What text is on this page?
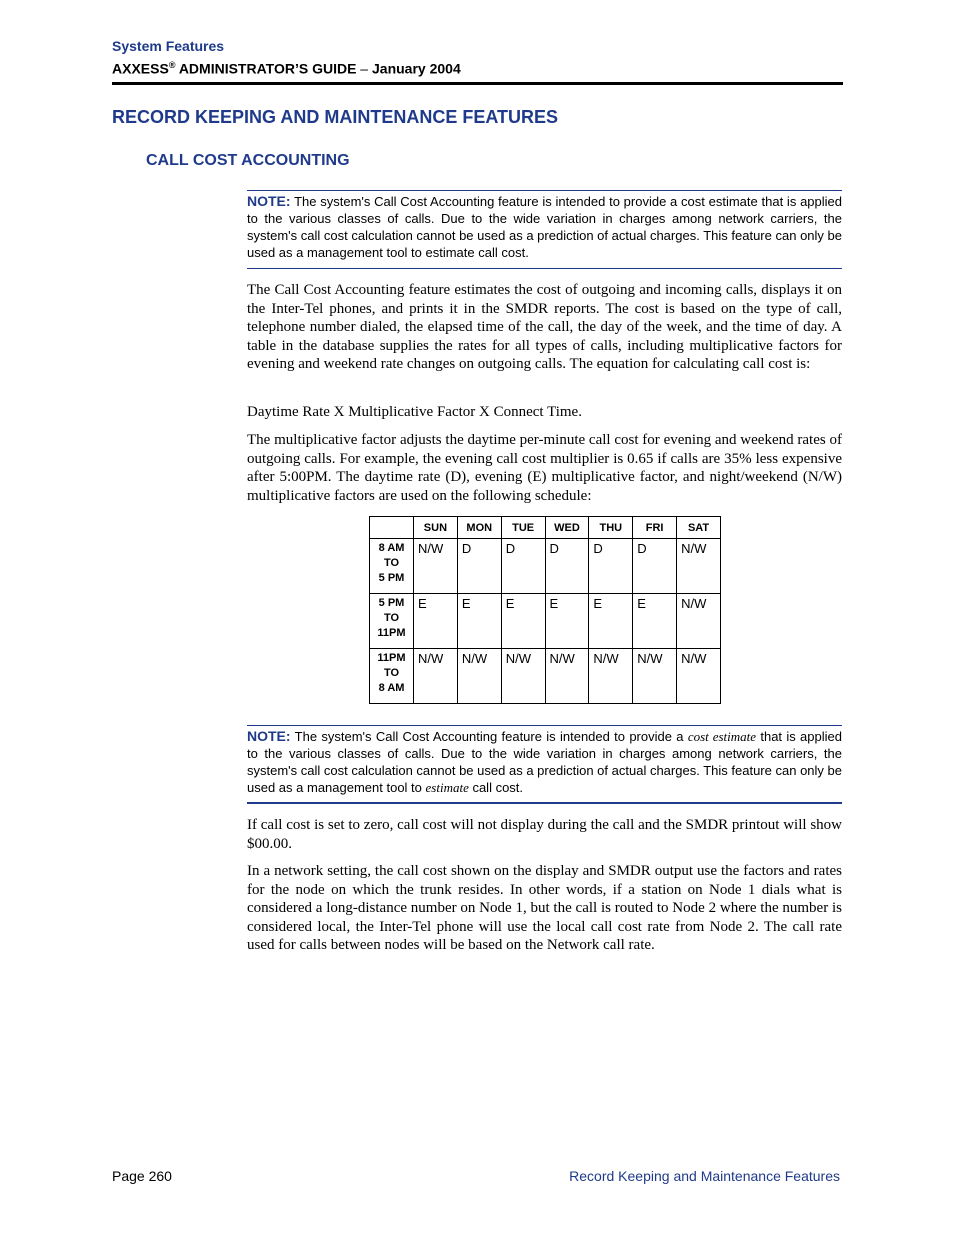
System Features
AXXESS® ADMINISTRATOR’S GUIDE – January 2004
RECORD KEEPING AND MAINTENANCE FEATURES
CALL COST ACCOUNTING
NOTE: The system's Call Cost Accounting feature is intended to provide a cost estimate that is applied to the various classes of calls. Due to the wide variation in charges among network carriers, the system's call cost calculation cannot be used as a prediction of actual charges. This feature can only be used as a management tool to estimate call cost.
The Call Cost Accounting feature estimates the cost of outgoing and incoming calls, displays it on the Inter-Tel phones, and prints it in the SMDR reports. The cost is based on the type of call, telephone number dialed, the elapsed time of the call, the day of the week, and the time of day. A table in the database supplies the rates for all types of calls, including multiplicative factors for evening and weekend rate changes on outgoing calls. The equation for calculating call cost is:
Daytime Rate X Multiplicative Factor X Connect Time.
The multiplicative factor adjusts the daytime per-minute call cost for evening and weekend rates of outgoing calls. For example, the evening call cost multiplier is 0.65 if calls are 35% less expensive after 5:00PM. The daytime rate (D), evening (E) multiplicative factor, and night/weekend (N/W) multiplicative factors are used on the following schedule:
	SUN	MON	TUE	WED	THU	FRI	SAT
8 AM
TO
5 PM	N/W	D	D	D	D	D	N/W
5 PM
TO
11PM	E	E	E	E	E	E	N/W
11PM
TO
8 AM	N/W	N/W	N/W	N/W	N/W	N/W	N/W
NOTE: The system's Call Cost Accounting feature is intended to provide a cost estimate that is applied to the various classes of calls. Due to the wide variation in charges among network carriers, the system's call cost calculation cannot be used as a prediction of actual charges. This feature can only be used as a management tool to estimate call cost.
If call cost is set to zero, call cost will not display during the call and the SMDR printout will show $00.00.
In a network setting, the call cost shown on the display and SMDR output use the factors and rates for the node on which the trunk resides. In other words, if a station on Node 1 dials what is considered a long-distance number on Node 1, but the call is routed to Node 2 where the number is considered local, the Inter-Tel phone will use the local call cost rate from Node 2. The call rate used for calls between nodes will be based on the Network call rate.
Page 260	Record Keeping and Maintenance Features
